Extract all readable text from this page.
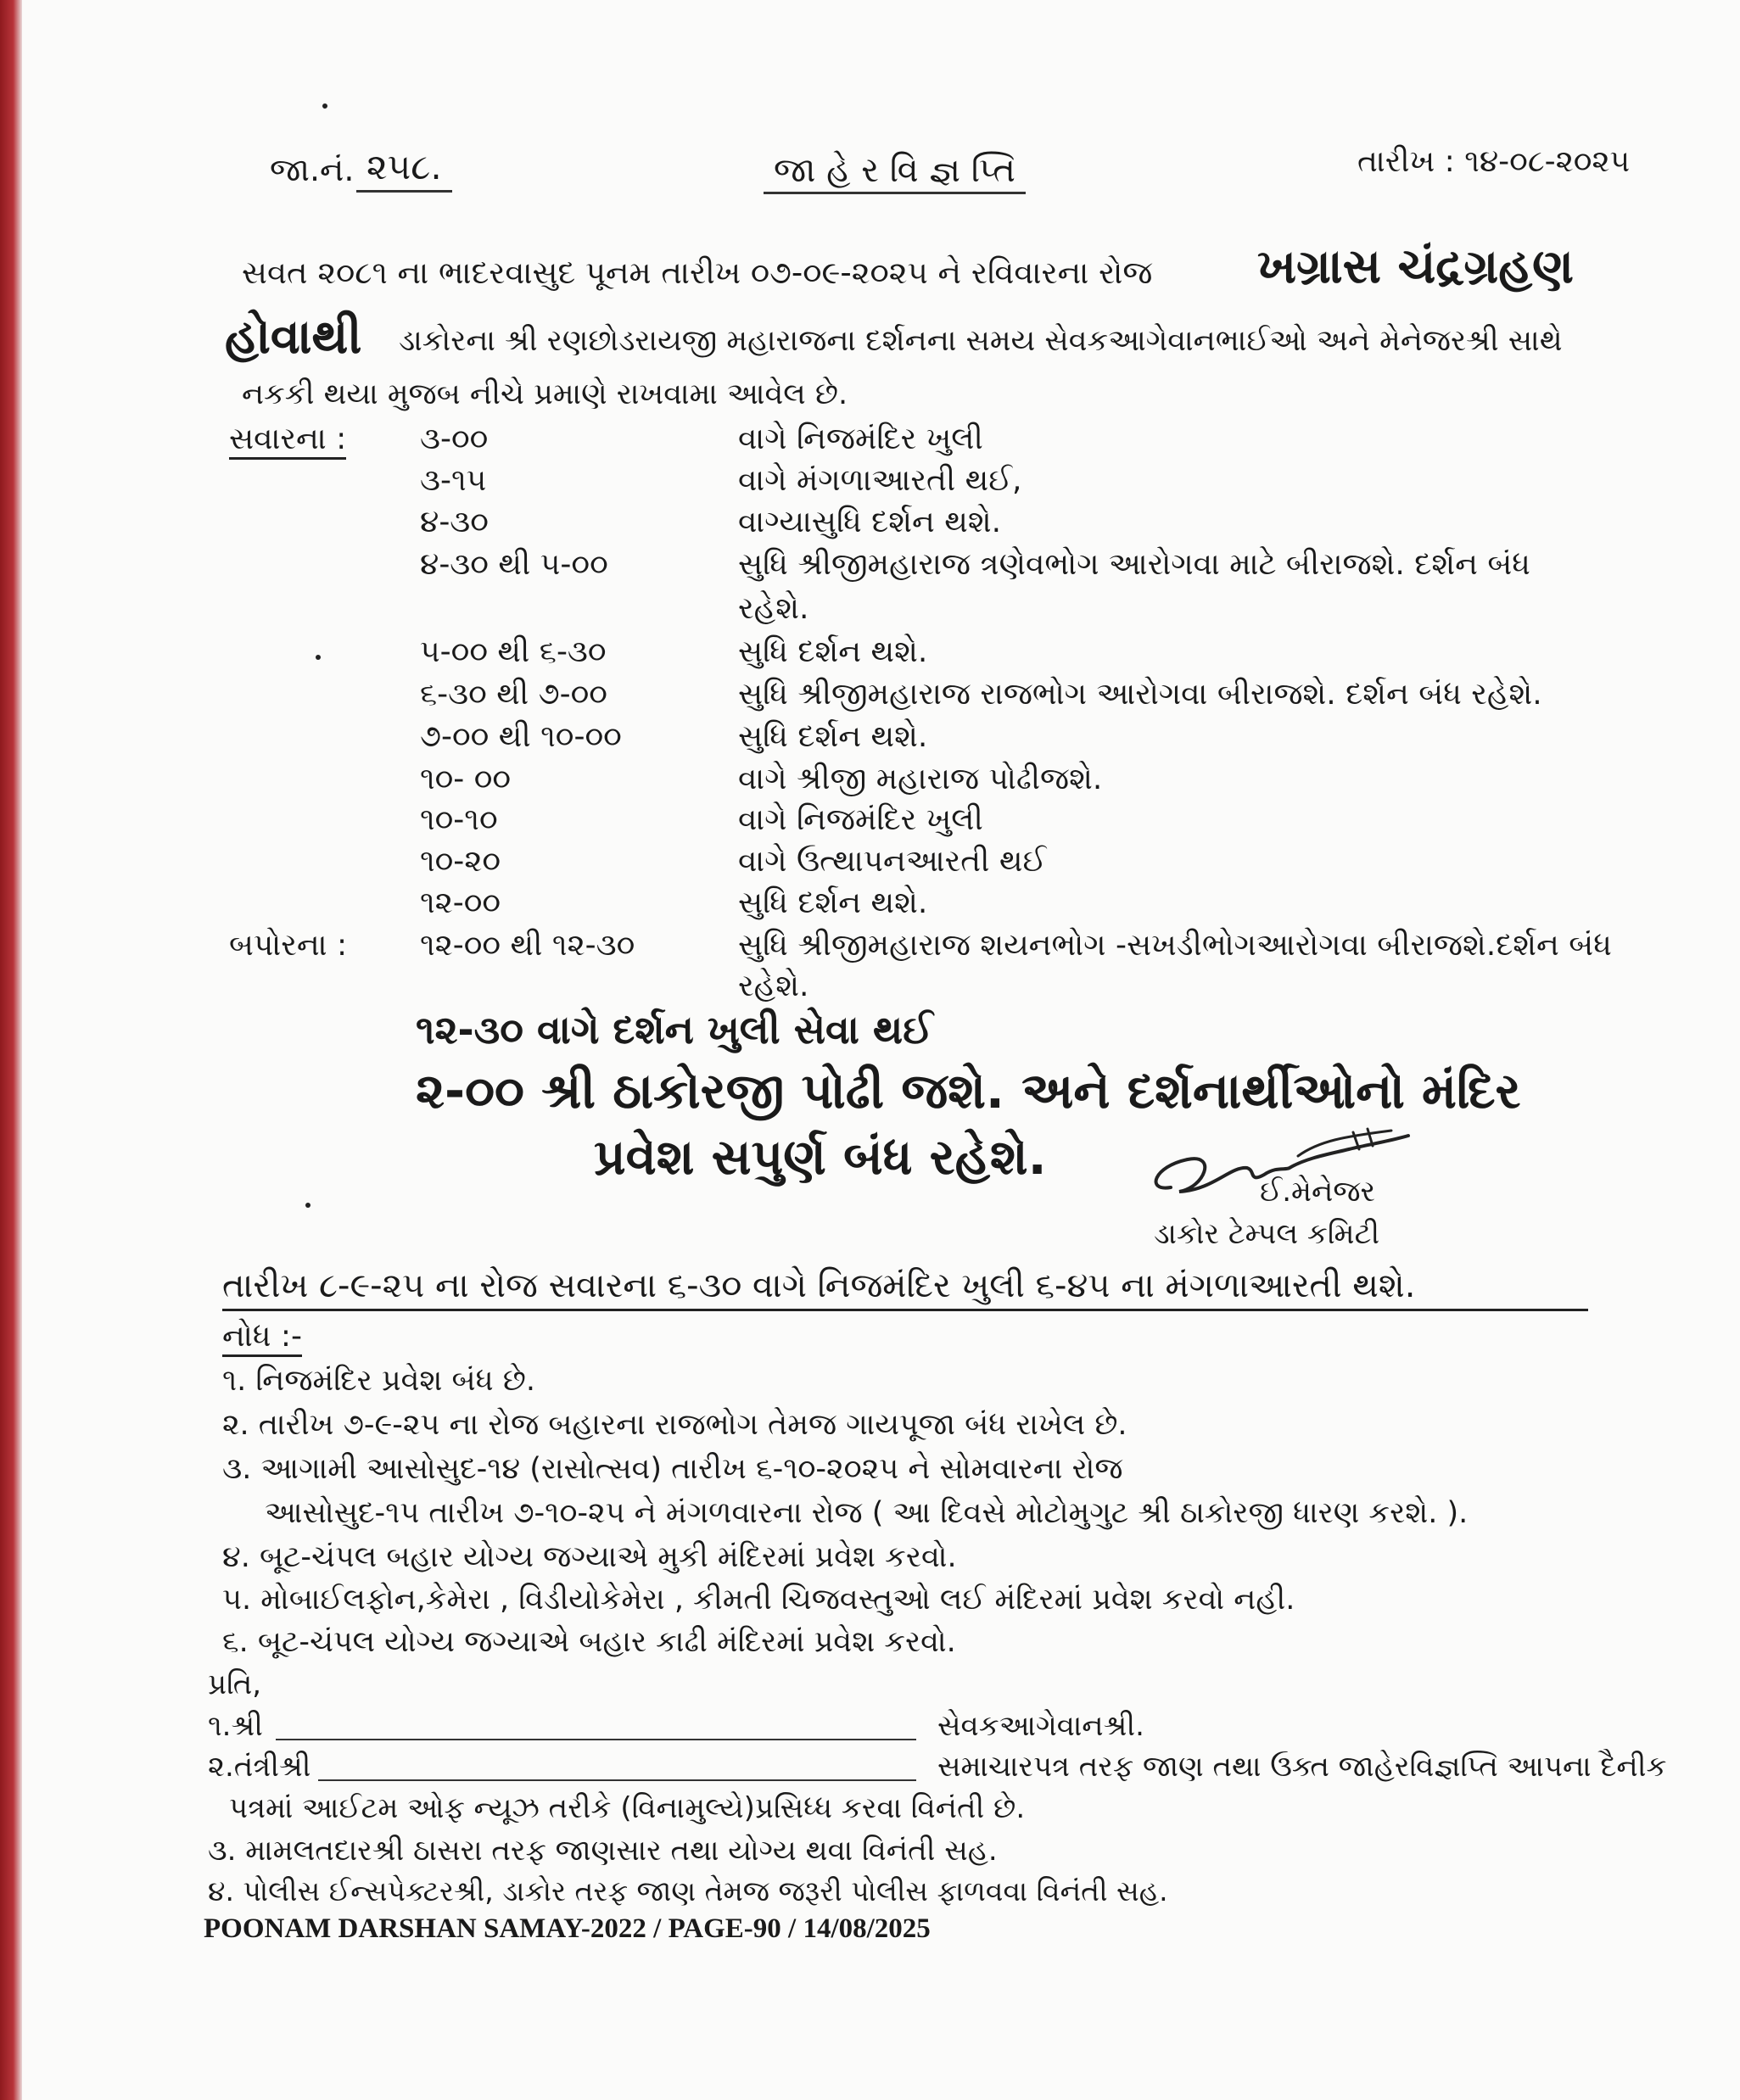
જા.નં. ૨૫૮.	જા હે ર વિ જ્ઞ પ્તિ	તારીખ : ૧૪-૦૮-૨૦૨૫
સવત ૨૦૮૧ ના ભાદરવાસુદ પૂનમ તારીખ ૦૭-૦૯-૨૦૨૫ ને રવિવારના રોજ ખગ્રાસ ચંદ્રગ્રહણ
હોવાથી ડાકોરના શ્રી રણછોડરાયજી મહારાજના દર્શનના સમય સેવકઆગેવાનભાઈઓ અને મેનેજરશ્રી સાથે
નકકી થયા મુજબ નીચે પ્રમાણે રાખવામા આવેલ છે.
સવારના : ૩-૦૦	વાગે નિજમંદિર ખુલી
૩-૧૫	વાગે મંગળાઆરતી થઈ,
૪-૩૦	વાગ્યાસુધિ દર્શન થશે.
૪-૩૦ થી ૫-૦૦	સુધિ શ્રીજીમહારાજ ત્રણેવભોગ આરોગવા માટે બીરાજશે. દર્શન બંધ
રહેશે.
૫-૦૦ થી ૬-૩૦	સુધિ દર્શન થશે.
૬-૩૦ થી ૭-૦૦	સુધિ શ્રીજીમહારાજ રાજભોગ આરોગવા બીરાજશે. દર્શન બંધ રહેશે.
૭-૦૦ થી ૧૦-૦૦	સુધિ દર્શન થશે.
૧૦- ૦૦	વાગે શ્રીજી મહારાજ પોઢીજશે.
૧૦-૧૦	વાગે નિજમંદિર ખુલી
૧૦-૨૦	વાગે ઉત્થાપનઆરતી થઈ
૧૨-૦૦	સુધિ દર્શન થશે.
બપોરના : ૧૨-૦૦ થી ૧૨-૩૦	સુધિ શ્રીજીમહારાજ શયનભોગ -સખડીભોગઆરોગવા બીરાજશે.દર્શન બંધ
રહેશે.
૧૨-૩૦ વાગે દર્શન ખુલી સેવા થઈ
૨-૦૦ શ્રી ઠાકોરજી પોઢી જશે. અને દર્શનાર્થીઓનો મંદિર
પ્રવેશ સપુર્ણ બંધ રહેશે.
ઈ.મેનેજર
ડાકોર ટેમ્પલ કમિટી
તારીખ ૮-૯-૨૫ ના રોજ સવારના ૬-૩૦ વાગે નિજમંદિર ખુલી ૬-૪૫ ના મંગળાઆરતી થશે.
નોધ :-
૧. નિજમંદિર પ્રવેશ બંધ છે.
૨. તારીખ ૭-૯-૨૫ ના રોજ બહારના રાજભોગ તેમજ ગાયપૂજા બંધ રાખેલ છે.
૩. આગામી આસોસુદ-૧૪ (રાસોત્સવ) તારીખ ૬-૧૦-૨૦૨૫ ને સોમવારના રોજ
આસોસુદ-૧૫ તારીખ ૭-૧૦-૨૫ ને મંગળવારના રોજ ( આ દિવસે મોટોમુગુટ શ્રી ઠાકોરજી ધારણ કરશે. ).
૪. બૂટ-ચંપલ બહાર યોગ્ય જગ્યાએ મુકી મંદિરમાં પ્રવેશ કરવો.
૫. મોબાઈલફોન,કેમેરા , વિડીયોકેમેરા , કીમતી ચિજવસ્તુઓ લઈ મંદિરમાં પ્રવેશ કરવો નહી.
૬. બૂટ-ચંપલ યોગ્ય જગ્યાએ બહાર કાઢી મંદિરમાં પ્રવેશ કરવો.
પ્રતિ,
૧.શ્રી	સેવકઆગેવાનશ્રી.
૨.તંત્રીશ્રી	સમાચારપત્ર તરફ જાણ તથા ઉક્ત જાહેરવિજ્ઞપ્તિ આપના દૈનીક
પત્રમાં આઈટમ ઓફ ન્યૂઝ તરીકે (વિનામુલ્યે)પ્રસિધ્ધ કરવા વિનંતી છે.
૩. મામલતદારશ્રી ઠાસરા તરફ જાણસાર તથા યોગ્ય થવા વિનંતી સહ.
૪. પોલીસ ઈન્સપેક્ટરશ્રી, ડાકોર તરફ જાણ તેમજ જરૂરી પોલીસ ફાળવવા વિનંતી સહ.
POONAM DARSHAN SAMAY-2022 / PAGE-90 / 14/08/2025
